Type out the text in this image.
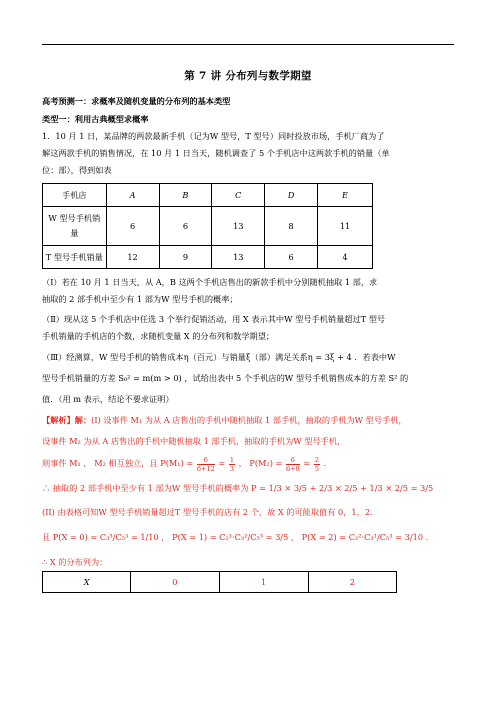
第 7 讲 分布列与数学期望
高考预测一：求概率及随机变量的分布列的基本类型
类型一：利用古典概型求概率
1．10 月 1 日，某品牌的两款最新手机（记为W 型号，T 型号）同时投放市场，手机厂商为了
解这两款手机的销售情况，在 10 月 1 日当天，随机调查了 5 个手机店中这两款手机的销量（单
位：部），得到如表
手机店	A	B	C	D	E
W 型号手机销
量	6	6	13	8	11
T 型号手机销量	12	9	13	6	4
（Ⅰ）若在 10 月 1 日当天，从 A，B 这两个手机店售出的新款手机中分别随机抽取 1 部，求
抽取的 2 部手机中至少有 1 部为W 型号手机的概率；
（Ⅱ）现从这 5 个手机店中任选 3 个举行促销活动，用 X 表示其中W 型号手机销量超过T 型号
手机销量的手机店的个数，求随机变量 X 的分布列和数学期望；
（Ⅲ）经测算，W 型号手机的销售成本η（百元）与销量ξ（部）满足关系η = 3ξ + 4 ．若表中W
型号手机销量的方差 S₀² = m(m > 0) ，试给出表中 5 个手机店的W 型号手机销售成本的方差 S² 的
值．（用 m 表示，结论不要求证明）
【解析】解：(I) 设事件 M₁ 为从 A 店售出的手机中随机抽取 1 部手机，抽取的手机为W 型号手机，
设事件 M₂ 为从 A 店售出的手机中随机抽取 1 部手机，抽取的手机为W 型号手机，
则事件 M₁ ， M₂ 相互独立，且 $P(M_1) = \frac{6}{6+12} = \frac{1}{3}$ ， $P(M_2) = \frac{6}{6+9} = \frac{2}{5}$ ．
∴ 抽取的 2 部手机中至少有 1 部为W 型号手机的概率为 P = 1/3 × 3/5 + 2/3 × 2/5 + 1/3 × 2/5 = 3/5
(II) 由表格可知W 型号手机销量超过T 型号手机的店有 2 个，故 X 的可能取值有 0，1，2．
且 P(X = 0) = C₃³/C₅³ = 1/10 ， P(X = 1) = C₂¹·C₃²/C₅³ = 3/5 ， P(X = 2) = C₂²·C₃¹/C₅³ = 3/10 ．
∴ X 的分布列为：
X	0	1	2
